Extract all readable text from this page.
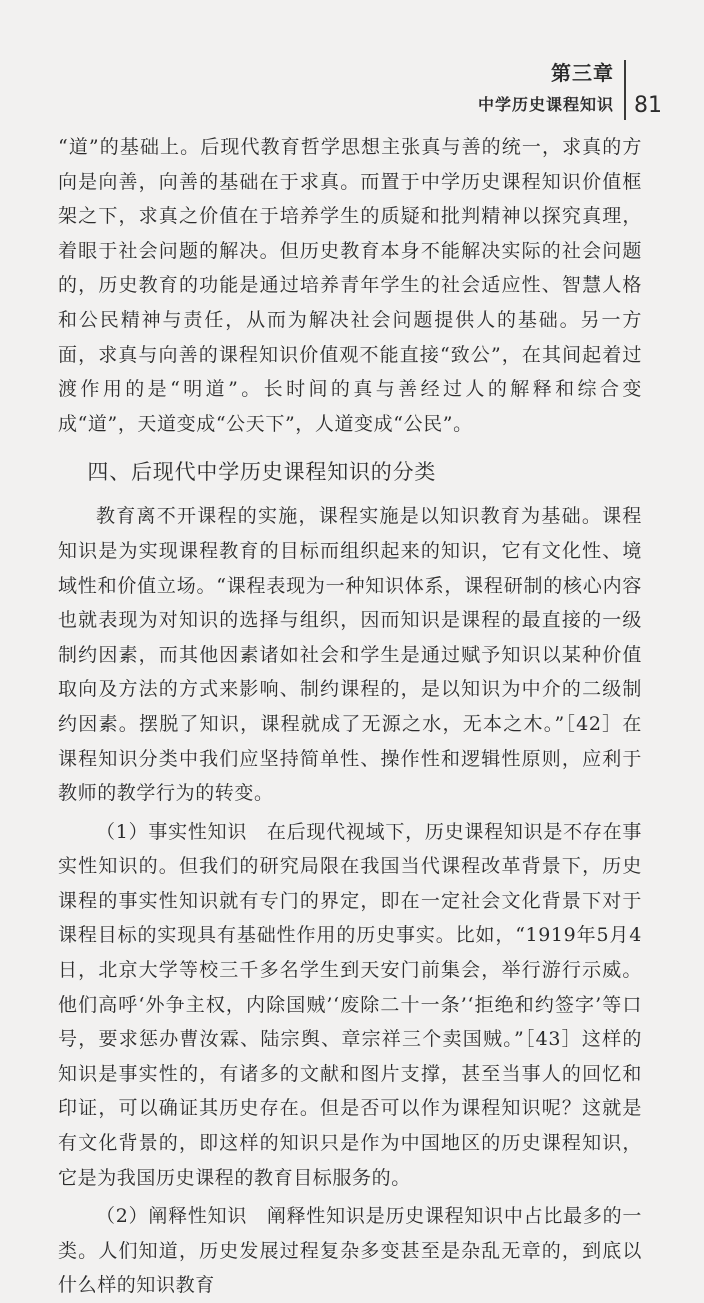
第三章
中学历史课程知识 81

“道”的基础上。后现代教育哲学思想主张真与善的统一，求真的方向是向善，向善的基础在于求真。而置于中学历史课程知识价值框架之下，求真之价值在于培养学生的质疑和批判精神以探究真理，着眼于社会问题的解决。但历史教育本身不能解决实际的社会问题的，历史教育的功能是通过培养青年学生的社会适应性、智慧人格和公民精神与责任，从而为解决社会问题提供人的基础。另一方面，求真与向善的课程知识价值观不能直接“致公”，在其间起着过渡作用的是“明道”。长时间的真与善经过人的解释和综合变成“道”，天道变成“公天下”，人道变成“公民”。

四、后现代中学历史课程知识的分类

教育离不开课程的实施，课程实施是以知识教育为基础。课程知识是为实现课程教育的目标而组织起来的知识，它有文化性、境域性和价值立场。“课程表现为一种知识体系，课程研制的核心内容也就表现为对知识的选择与组织，因而知识是课程的最直接的一级制约因素，而其他因素诸如社会和学生是通过赋予知识以某种价值取向及方法的方式来影响、制约课程的，是以知识为中介的二级制约因素。摆脱了知识，课程就成了无源之水，无本之木。”［42］在课程知识分类中我们应坚持简单性、操作性和逻辑性原则，应利于教师的教学行为的转变。

（1）事实性知识　在后现代视域下，历史课程知识是不存在事实性知识的。但我们的研究局限在我国当代课程改革背景下，历史课程的事实性知识就有专门的界定，即在一定社会文化背景下对于课程目标的实现具有基础性作用的历史事实。比如，“1919年5月4日，北京大学等校三千多名学生到天安门前集会，举行游行示威。他们高呼‘外争主权，内除国贼’‘废除二十一条’‘拒绝和约签字’等口号，要求惩办曹汝霖、陆宗舆、章宗祥三个卖国贼。”［43］这样的知识是事实性的，有诸多的文献和图片支撑，甚至当事人的回忆和印证，可以确证其历史存在。但是否可以作为课程知识呢？这就是有文化背景的，即这样的知识只是作为中国地区的历史课程知识，它是为我国历史课程的教育目标服务的。

（2）阐释性知识　阐释性知识是历史课程知识中占比最多的一类。人们知道，历史发展过程复杂多变甚至是杂乱无章的，到底以什么样的知识教育
